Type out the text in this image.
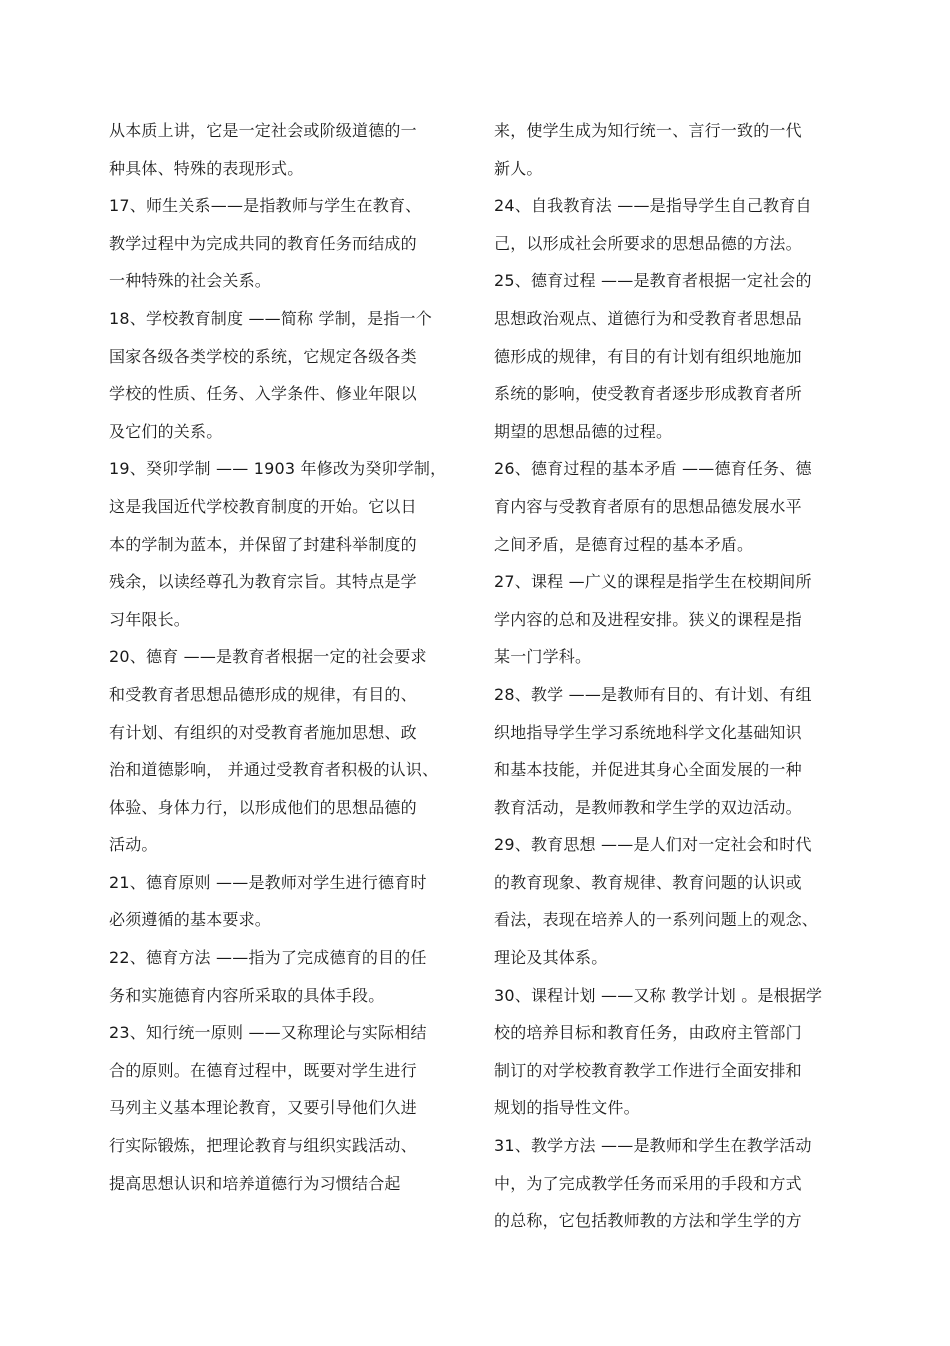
从本质上讲，它是一定社会或阶级道德的一
种具体、特殊的表现形式。
17、师生关系——是指教师与学生在教育、
教学过程中为完成共同的教育任务而结成的
一种特殊的社会关系。
18、学校教育制度 ——简称 学制，是指一个
国家各级各类学校的系统，它规定各级各类
学校的性质、任务、入学条件、修业年限以
及它们的关系。
19、癸卯学制 —— 1903 年修改为癸卯学制，
这是我国近代学校教育制度的开始。它以日
本的学制为蓝本，并保留了封建科举制度的
残余，以读经尊孔为教育宗旨。其特点是学
习年限长。
20、德育 ——是教育者根据一定的社会要求
和受教育者思想品德形成的规律，有目的、
有计划、有组织的对受教育者施加思想、政
治和道德影响， 并通过受教育者积极的认识、
体验、身体力行，以形成他们的思想品德的
活动。
21、德育原则 ——是教师对学生进行德育时
必须遵循的基本要求。
22、德育方法 ——指为了完成德育的目的任
务和实施德育内容所采取的具体手段。
23、知行统一原则 ——又称理论与实际相结
合的原则。在德育过程中，既要对学生进行
马列主义基本理论教育，又要引导他们久进
行实际锻炼，把理论教育与组织实践活动、
提高思想认识和培养道德行为习惯结合起
来，使学生成为知行统一、言行一致的一代
新人。
24、自我教育法 ——是指导学生自己教育自
己，以形成社会所要求的思想品德的方法。
25、德育过程 ——是教育者根据一定社会的
思想政治观点、道德行为和受教育者思想品
德形成的规律，有目的有计划有组织地施加
系统的影响，使受教育者逐步形成教育者所
期望的思想品德的过程。
26、德育过程的基本矛盾 ——德育任务、德
育内容与受教育者原有的思想品德发展水平
之间矛盾，是德育过程的基本矛盾。
27、课程 —广义的课程是指学生在校期间所
学内容的总和及进程安排。狭义的课程是指
某一门学科。
28、教学 ——是教师有目的、有计划、有组
织地指导学生学习系统地科学文化基础知识
和基本技能，并促进其身心全面发展的一种
教育活动，是教师教和学生学的双边活动。
29、教育思想 ——是人们对一定社会和时代
的教育现象、教育规律、教育问题的认识或
看法，表现在培养人的一系列问题上的观念、
理论及其体系。
30、课程计划 ——又称 教学计划 。是根据学
校的培养目标和教育任务，由政府主管部门
制订的对学校教育教学工作进行全面安排和
规划的指导性文件。
31、教学方法 ——是教师和学生在教学活动
中，为了完成教学任务而采用的手段和方式
的总称，它包括教师教的方法和学生学的方
